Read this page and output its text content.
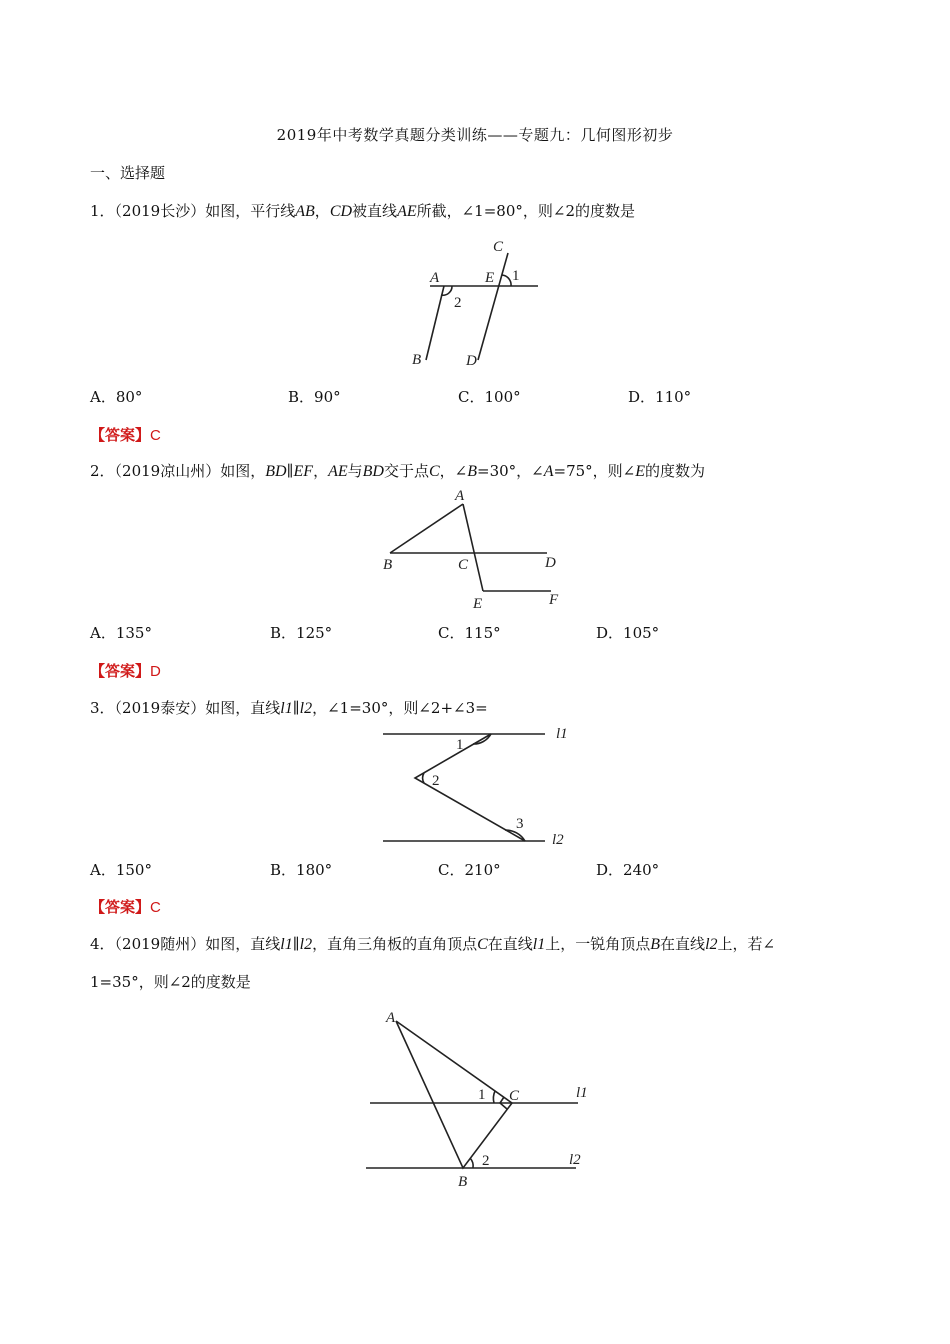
2019年中考数学真题分类训练——专题九：几何图形初步
一、选择题
1．（2019长沙）如图，平行线AB，CD被直线AE所截，∠1=80°，则∠2的度数是
A	E
C
1
2
B	D
A．80°	B．90°	C．100°	D．110°
【答案】C
2．（2019凉山州）如图，BD∥EF，AE与BD交于点C，∠B=30°，∠A=75°，则∠E的度数为
A
B	C	D
E	F
A．135°	B．125°	C．115°	D．105°
【答案】D
3．（2019泰安）如图，直线l1∥l2，∠1=30°，则∠2+∠3=
l1
l2
1
2
3
A．150°	B．180°	C．210°	D．240°
【答案】C
4．（2019随州）如图，直线l1∥l2，直角三角板的直角顶点C在直线l1上，一锐角顶点B在直线l2上，若∠
1=35°，则∠2的度数是
A
C
B
l1
l2
1
2
